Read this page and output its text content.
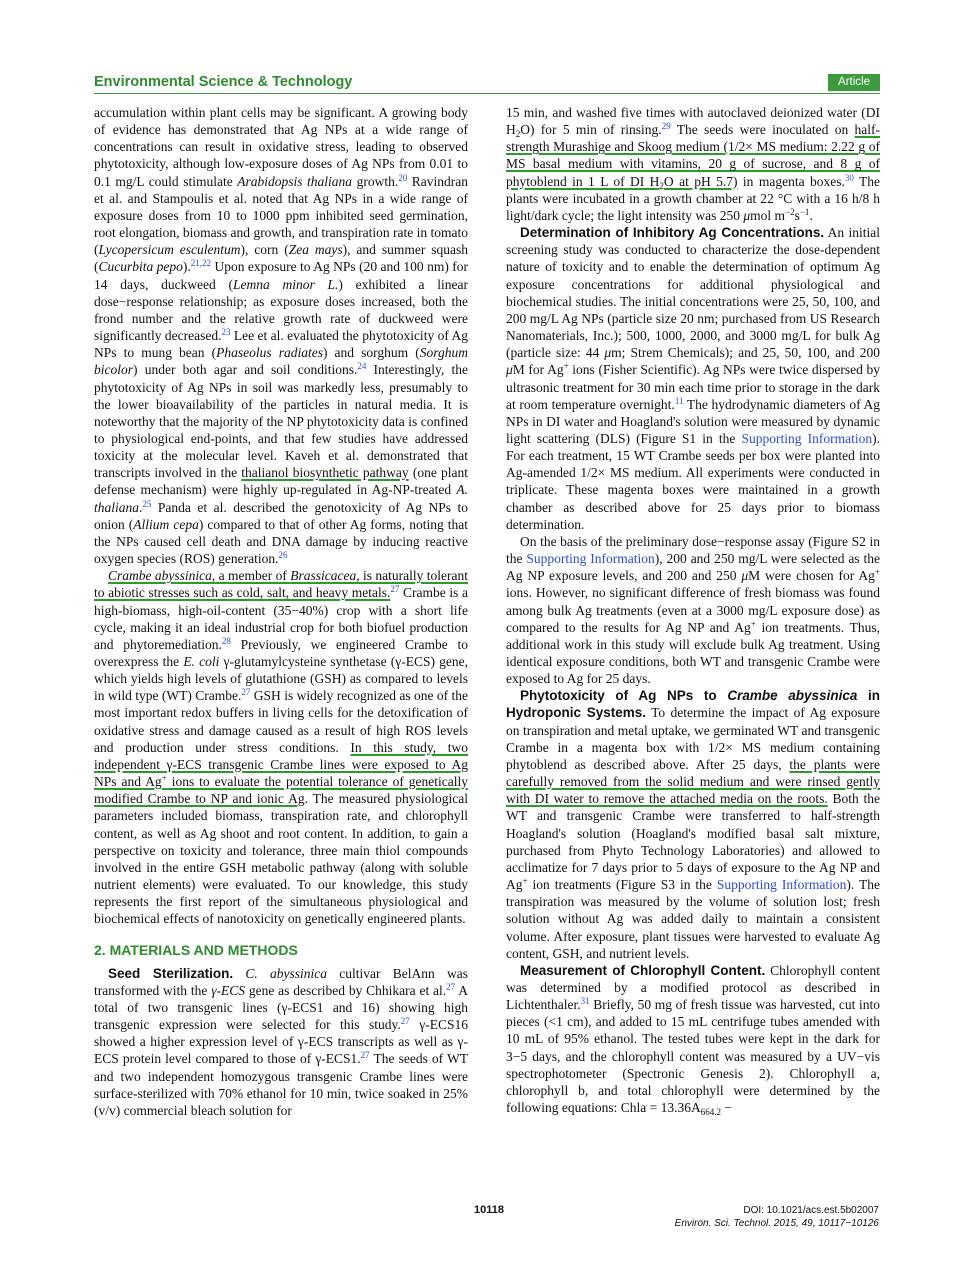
Environmental Science & Technology	Article

accumulation within plant cells may be significant. A growing body of evidence has demonstrated that Ag NPs at a wide range of concentrations can result in oxidative stress, leading to observed phytotoxicity, although low-exposure doses of Ag NPs from 0.01 to 0.1 mg/L could stimulate Arabidopsis thaliana growth.$^{20}$ Ravindran et al. and Stampoulis et al. noted that Ag NPs in a wide range of exposure doses from 10 to 1000 ppm inhibited seed germination, root elongation, biomass and growth, and transpiration rate in tomato (Lycopersicum esculentum), corn (Zea mays), and summer squash (Cucurbita pepo).$^{21,22}$ Upon exposure to Ag NPs (20 and 100 nm) for 14 days, duckweed (Lemna minor L.) exhibited a linear dose−response relationship; as exposure doses increased, both the frond number and the relative growth rate of duckweed were significantly decreased.$^{23}$ Lee et al. evaluated the phytotoxicity of Ag NPs to mung bean (Phaseolus radiates) and sorghum (Sorghum bicolor) under both agar and soil conditions.$^{24}$ Interestingly, the phytotoxicity of Ag NPs in soil was markedly less, presumably to the lower bioavailability of the particles in natural media. It is noteworthy that the majority of the NP phytotoxicity data is confined to physiological end-points, and that few studies have addressed toxicity at the molecular level. Kaveh et al. demonstrated that transcripts involved in the thalianol biosynthetic pathway (one plant defense mechanism) were highly up-regulated in Ag-NP-treated A. thaliana.$^{25}$ Panda et al. described the genotoxicity of Ag NPs to onion (Allium cepa) compared to that of other Ag forms, noting that the NPs caused cell death and DNA damage by inducing reactive oxygen species (ROS) generation.$^{26}$

Crambe abyssinica, a member of Brassicacea, is naturally tolerant to abiotic stresses such as cold, salt, and heavy metals.$^{27}$ Crambe is a high-biomass, high-oil-content (35−40%) crop with a short life cycle, making it an ideal industrial crop for both biofuel production and phytoremediation.$^{28}$ Previously, we engineered Crambe to overexpress the E. coli γ-glutamylcysteine synthetase (γ-ECS) gene, which yields high levels of glutathione (GSH) as compared to levels in wild type (WT) Crambe.$^{27}$ GSH is widely recognized as one of the most important redox buffers in living cells for the detoxification of oxidative stress and damage caused as a result of high ROS levels and production under stress conditions. In this study, two independent γ-ECS transgenic Crambe lines were exposed to Ag NPs and Ag+ ions to evaluate the potential tolerance of genetically modified Crambe to NP and ionic Ag. The measured physiological parameters included biomass, transpiration rate, and chlorophyll content, as well as Ag shoot and root content. In addition, to gain a perspective on toxicity and tolerance, three main thiol compounds involved in the entire GSH metabolic pathway (along with soluble nutrient elements) were evaluated. To our knowledge, this study represents the first report of the simultaneous physiological and biochemical effects of nanotoxicity on genetically engineered plants.

2. MATERIALS AND METHODS

Seed Sterilization. C. abyssinica cultivar BelAnn was transformed with the γ-ECS gene as described by Chhikara et al.$^{27}$ A total of two transgenic lines (γ-ECS1 and 16) showing high transgenic expression were selected for this study.$^{27}$ γ-ECS16 showed a higher expression level of γ-ECS transcripts as well as γ-ECS protein level compared to those of γ-ECS1.27 The seeds of WT and two independent homozygous transgenic Crambe lines were surface-sterilized with 70% ethanol for 10 min, twice soaked in 25% (v/v) commercial bleach solution for

15 min, and washed five times with autoclaved deionized water (DI $H_2O$) for 5 min of rinsing.$^{29}$ The seeds were inoculated on half-strength Murashige and Skoog medium (1/2× MS medium: 2.22 g of MS basal medium with vitamins, 20 g of sucrose, and 8 g of phytoblend in 1 L of DI $H_2O$ at pH 5.7) in magenta boxes.$^{30}$ The plants were incubated in a growth chamber at 22 °C with a 16 h/8 h light/dark cycle; the light intensity was 250 μmol $m^{-2}s^{-1}$.

Determination of Inhibitory Ag Concentrations. An initial screening study was conducted to characterize the dose-dependent nature of toxicity and to enable the determination of optimum Ag exposure concentrations for additional physiological and biochemical studies. The initial concentrations were 25, 50, 100, and 200 mg/L Ag NPs (particle size 20 nm; purchased from US Research Nanomaterials, Inc.); 500, 1000, 2000, and 3000 mg/L for bulk Ag (particle size: 44 μm; Strem Chemicals); and 25, 50, 100, and 200 μM for Ag+ ions (Fisher Scientific). Ag NPs were twice dispersed by ultrasonic treatment for 30 min each time prior to storage in the dark at room temperature overnight.$^{11}$ The hydrodynamic diameters of Ag NPs in DI water and Hoagland's solution were measured by dynamic light scattering (DLS) (Figure S1 in the Supporting Information). For each treatment, 15 WT Crambe seeds per box were planted into Ag-amended 1/2× MS medium. All experiments were conducted in triplicate. These magenta boxes were maintained in a growth chamber as described above for 25 days prior to biomass determination.

On the basis of the preliminary dose−response assay (Figure S2 in the Supporting Information), 200 and 250 mg/L were selected as the Ag NP exposure levels, and 200 and 250 μM were chosen for Ag+ ions. However, no significant difference of fresh biomass was found among bulk Ag treatments (even at a 3000 mg/L exposure dose) as compared to the results for Ag NP and Ag+ ion treatments. Thus, additional work in this study will exclude bulk Ag treatment. Using identical exposure conditions, both WT and transgenic Crambe were exposed to Ag for 25 days.

Phytotoxicity of Ag NPs to Crambe abyssinica in Hydroponic Systems. To determine the impact of Ag exposure on transpiration and metal uptake, we germinated WT and transgenic Crambe in a magenta box with 1/2× MS medium containing phytoblend as described above. After 25 days, the plants were carefully removed from the solid medium and were rinsed gently with DI water to remove the attached media on the roots. Both the WT and transgenic Crambe were transferred to half-strength Hoagland's solution (Hoagland's modified basal salt mixture, purchased from Phyto Technology Laboratories) and allowed to acclimatize for 7 days prior to 5 days of exposure to the Ag NP and Ag+ ion treatments (Figure S3 in the Supporting Information). The transpiration was measured by the volume of solution lost; fresh solution without Ag was added daily to maintain a consistent volume. After exposure, plant tissues were harvested to evaluate Ag content, GSH, and nutrient levels.

Measurement of Chlorophyll Content. Chlorophyll content was determined by a modified protocol as described in Lichtenthaler.$^{31}$ Briefly, 50 mg of fresh tissue was harvested, cut into pieces (<1 cm), and added to 15 mL centrifuge tubes amended with 10 mL of 95% ethanol. The tested tubes were kept in the dark for 3−5 days, and the chlorophyll content was measured by a UV−vis spectrophotometer (Spectronic Genesis 2). Chlorophyll a, chlorophyll b, and total chlorophyll were determined by the following equations: Chla = $13.36A_{664.2}$ −

10118	DOI: 10.1021/acs.est.5b02007
Environ. Sci. Technol. 2015, 49, 10117−10126
